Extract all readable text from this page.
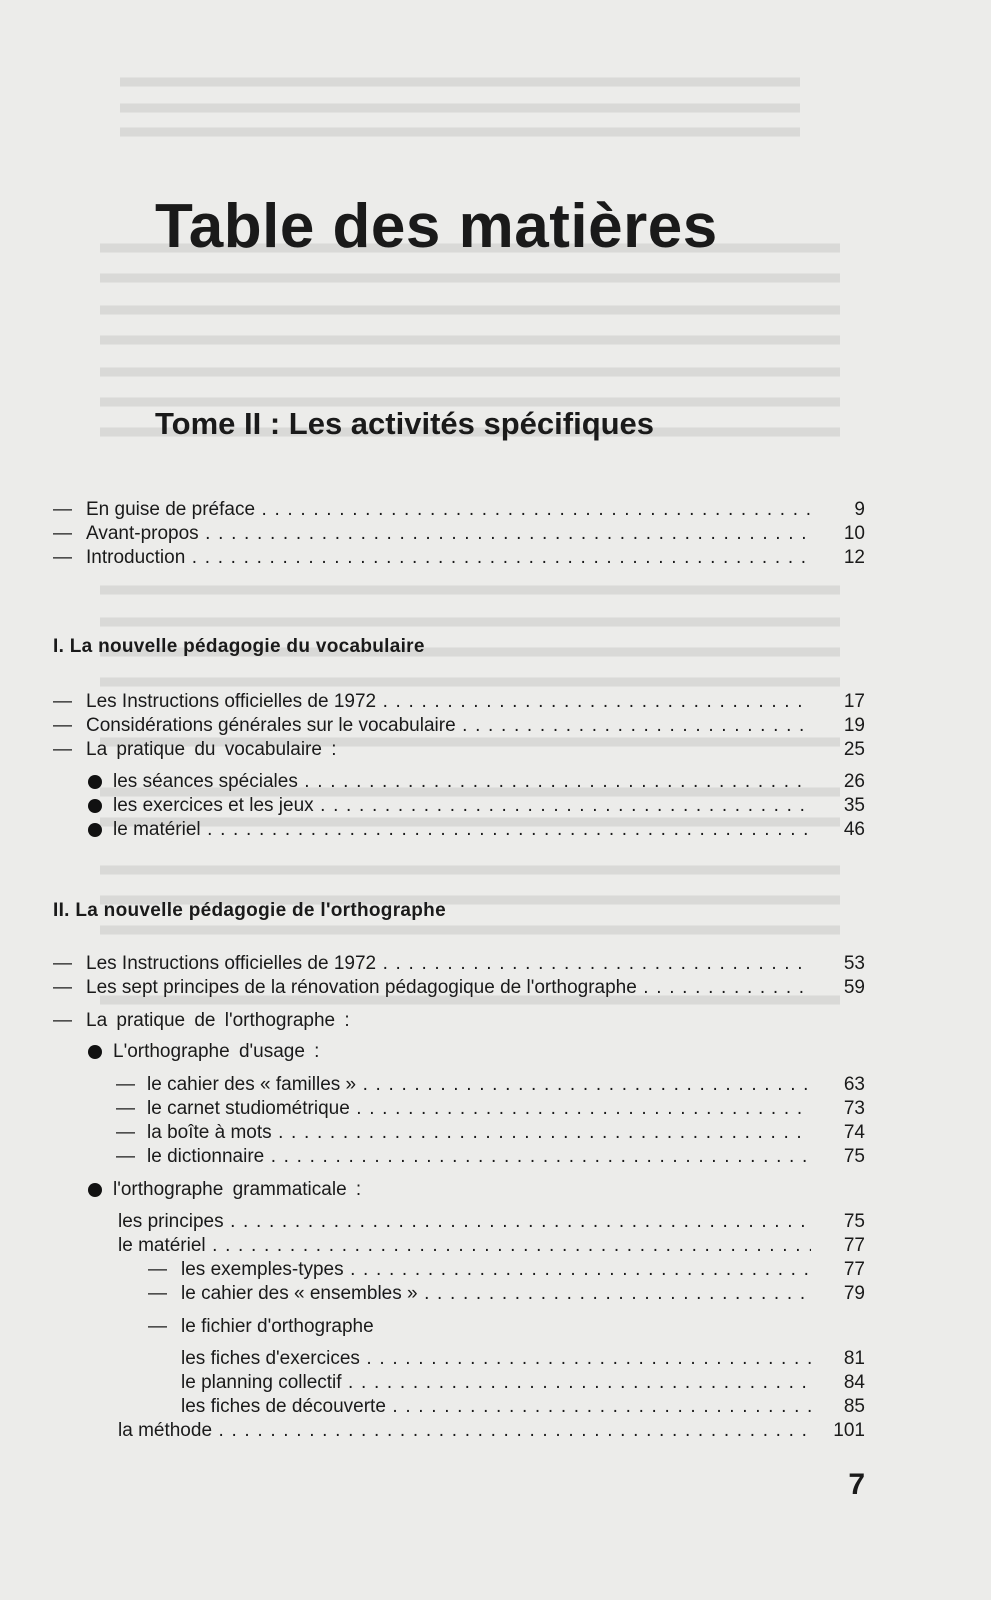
Table des matières
Tome II : Les activités spécifiques
— En guise de préface . . .	9
— Avant-propos . . .	10
— Introduction . . .	12
I. La nouvelle pédagogie du vocabulaire
— Les Instructions officielles de 1972 . . .	17
— Considérations générales sur le vocabulaire . . .	19
— La pratique du vocabulaire :	25
les séances spéciales . . .	26
les exercices et les jeux . . .	35
le matériel . . .	46
II. La nouvelle pédagogie de l'orthographe
— Les Instructions officielles de 1972 . . .	53
— Les sept principes de la rénovation pédagogique de l'orthographe . . .	59
— La pratique de l'orthographe :
L'orthographe d'usage :
— le cahier des « familles » . . .	63
— le carnet studiométrique . . .	73
— la boîte à mots . . .	74
— le dictionnaire . . .	75
l'orthographe grammaticale :
les principes . . .	75
le matériel . . .	77
— les exemples-types . . .	77
— le cahier des « ensembles » . . .	79
— le fichier d'orthographe
les fiches d'exercices . . .	81
le planning collectif . . .	84
les fiches de découverte . . .	85
la méthode . . .	101
7
